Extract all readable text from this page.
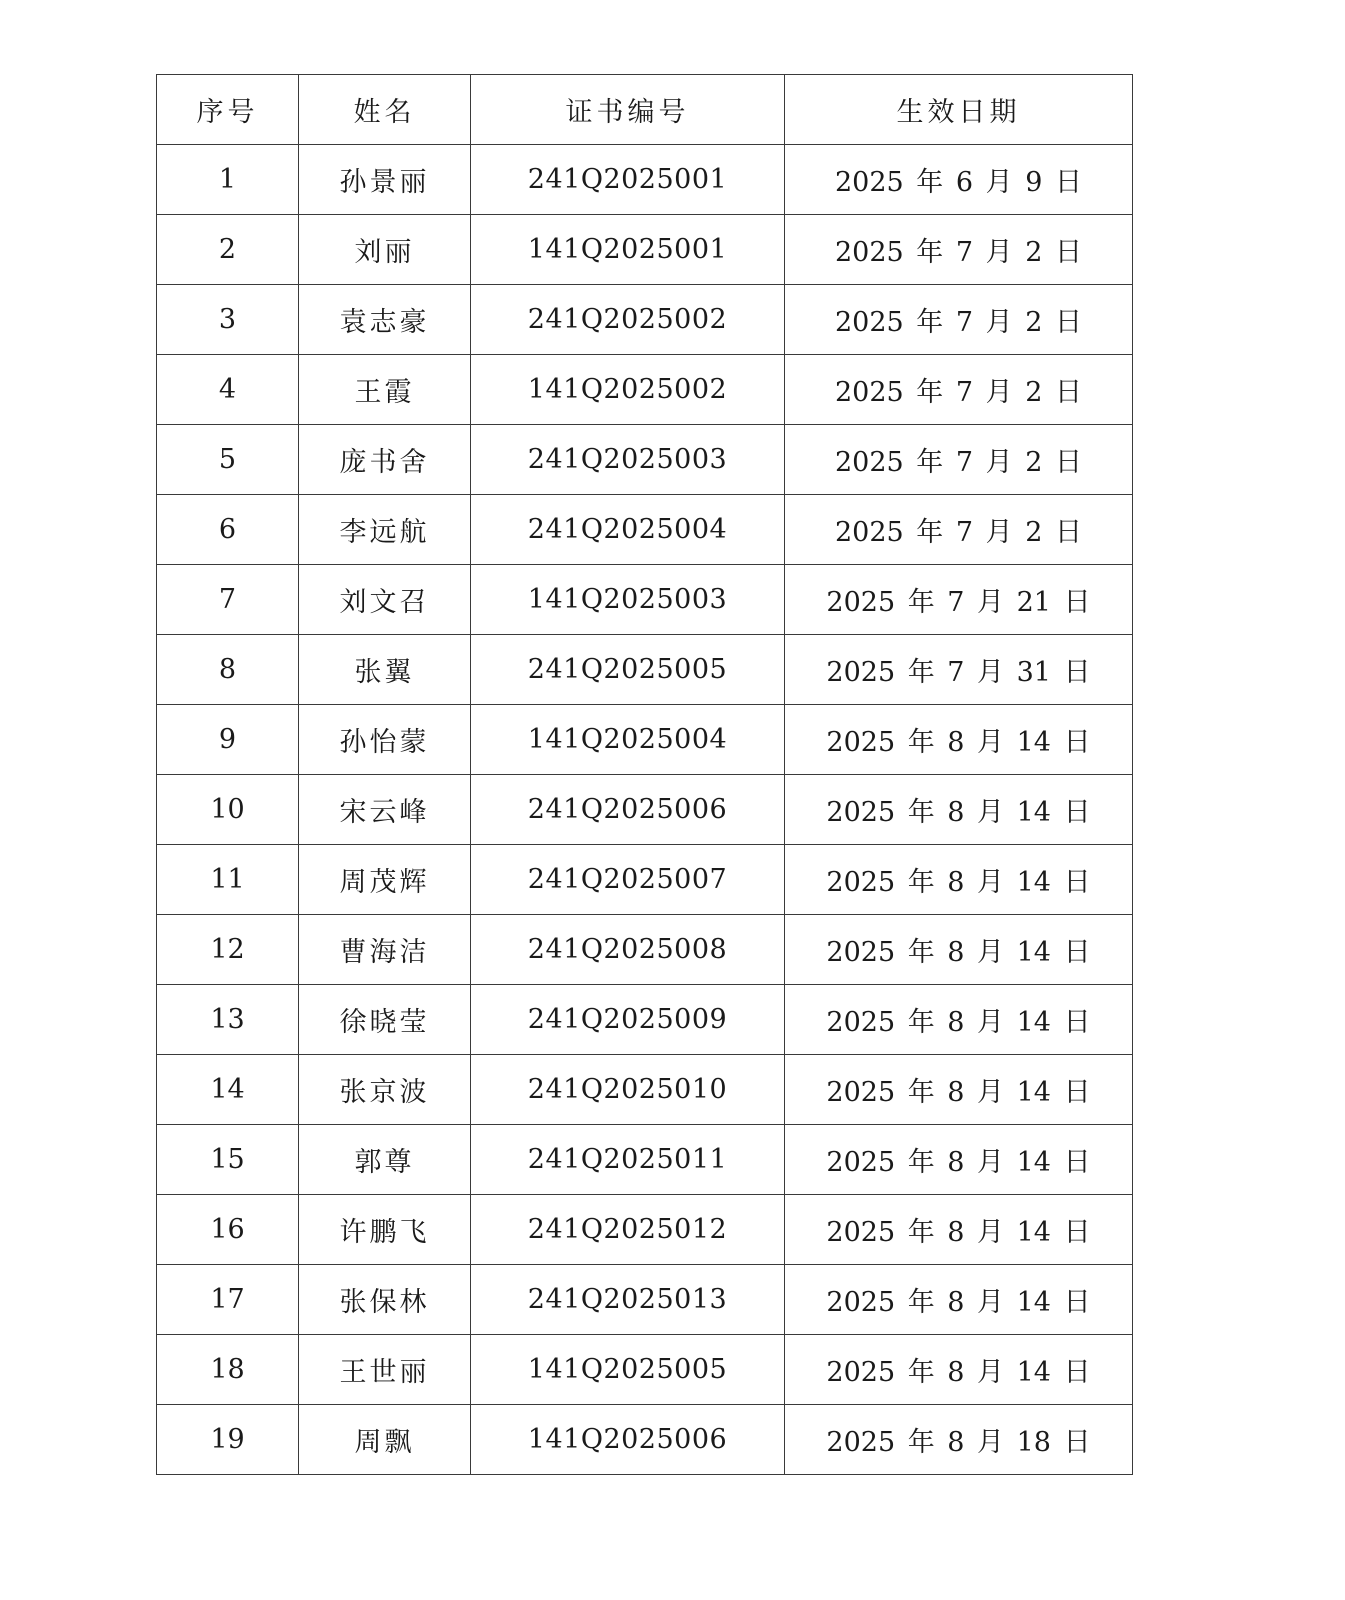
序号	姓名	证书编号	生效日期
1	孙景丽	241Q2025001	2025 年 6 月 9 日
2	刘丽	141Q2025001	2025 年 7 月 2 日
3	袁志豪	241Q2025002	2025 年 7 月 2 日
4	王霞	141Q2025002	2025 年 7 月 2 日
5	庞书舍	241Q2025003	2025 年 7 月 2 日
6	李远航	241Q2025004	2025 年 7 月 2 日
7	刘文召	141Q2025003	2025 年 7 月 21 日
8	张翼	241Q2025005	2025 年 7 月 31 日
9	孙怡蒙	141Q2025004	2025 年 8 月 14 日
10	宋云峰	241Q2025006	2025 年 8 月 14 日
11	周茂辉	241Q2025007	2025 年 8 月 14 日
12	曹海洁	241Q2025008	2025 年 8 月 14 日
13	徐晓莹	241Q2025009	2025 年 8 月 14 日
14	张京波	241Q2025010	2025 年 8 月 14 日
15	郭尊	241Q2025011	2025 年 8 月 14 日
16	许鹏飞	241Q2025012	2025 年 8 月 14 日
17	张保林	241Q2025013	2025 年 8 月 14 日
18	王世丽	141Q2025005	2025 年 8 月 14 日
19	周飘	141Q2025006	2025 年 8 月 18 日
